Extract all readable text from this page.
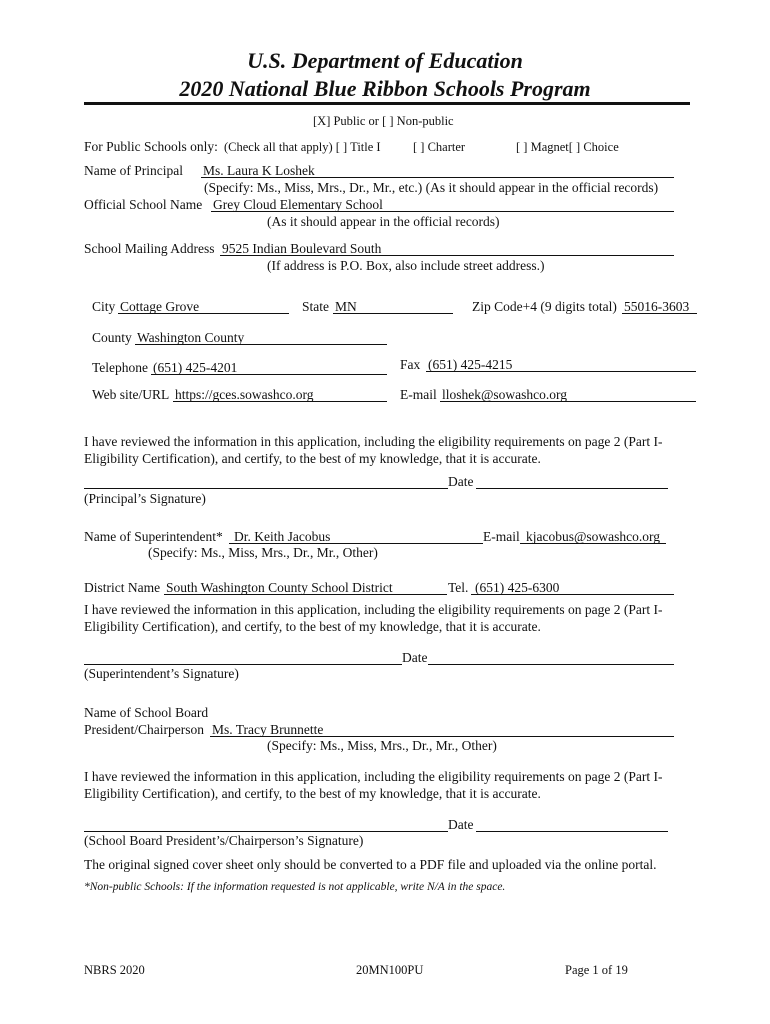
U.S. Department of Education
2020 National Blue Ribbon Schools Program
[X] Public or [ ] Non-public
For Public Schools only: (Check all that apply) [ ] Title I	[ ] Charter	[ ] Magnet[ ] Choice
Name of Principal Ms. Laura K Loshek
(Specify: Ms., Miss, Mrs., Dr., Mr., etc.) (As it should appear in the official records)
Official School Name Grey Cloud Elementary School
(As it should appear in the official records)
School Mailing Address 9525 Indian Boulevard South
(If address is P.O. Box, also include street address.)
City Cottage Grove	State MN	Zip Code+4 (9 digits total) 55016-3603
County Washington County
Telephone (651) 425-4201	Fax (651) 425-4215
Web site/URL https://gces.sowashco.org	E-mail lloshek@sowashco.org
I have reviewed the information in this application, including the eligibility requirements on page 2 (Part I-
Eligibility Certification), and certify, to the best of my knowledge, that it is accurate.
Date
(Principal’s Signature)
Name of Superintendent* Dr. Keith Jacobus	E-mail kjacobus@sowashco.org
(Specify: Ms., Miss, Mrs., Dr., Mr., Other)
District Name South Washington County School District	Tel. (651) 425-6300
I have reviewed the information in this application, including the eligibility requirements on page 2 (Part I-
Eligibility Certification), and certify, to the best of my knowledge, that it is accurate.
Date
(Superintendent’s Signature)
Name of School Board
President/Chairperson Ms. Tracy Brunnette
(Specify: Ms., Miss, Mrs., Dr., Mr., Other)
I have reviewed the information in this application, including the eligibility requirements on page 2 (Part I-
Eligibility Certification), and certify, to the best of my knowledge, that it is accurate.
Date
(School Board President’s/Chairperson’s Signature)
The original signed cover sheet only should be converted to a PDF file and uploaded via the online portal.
*Non-public Schools: If the information requested is not applicable, write N/A in the space.
NBRS 2020	20MN100PU	Page 1 of 19
